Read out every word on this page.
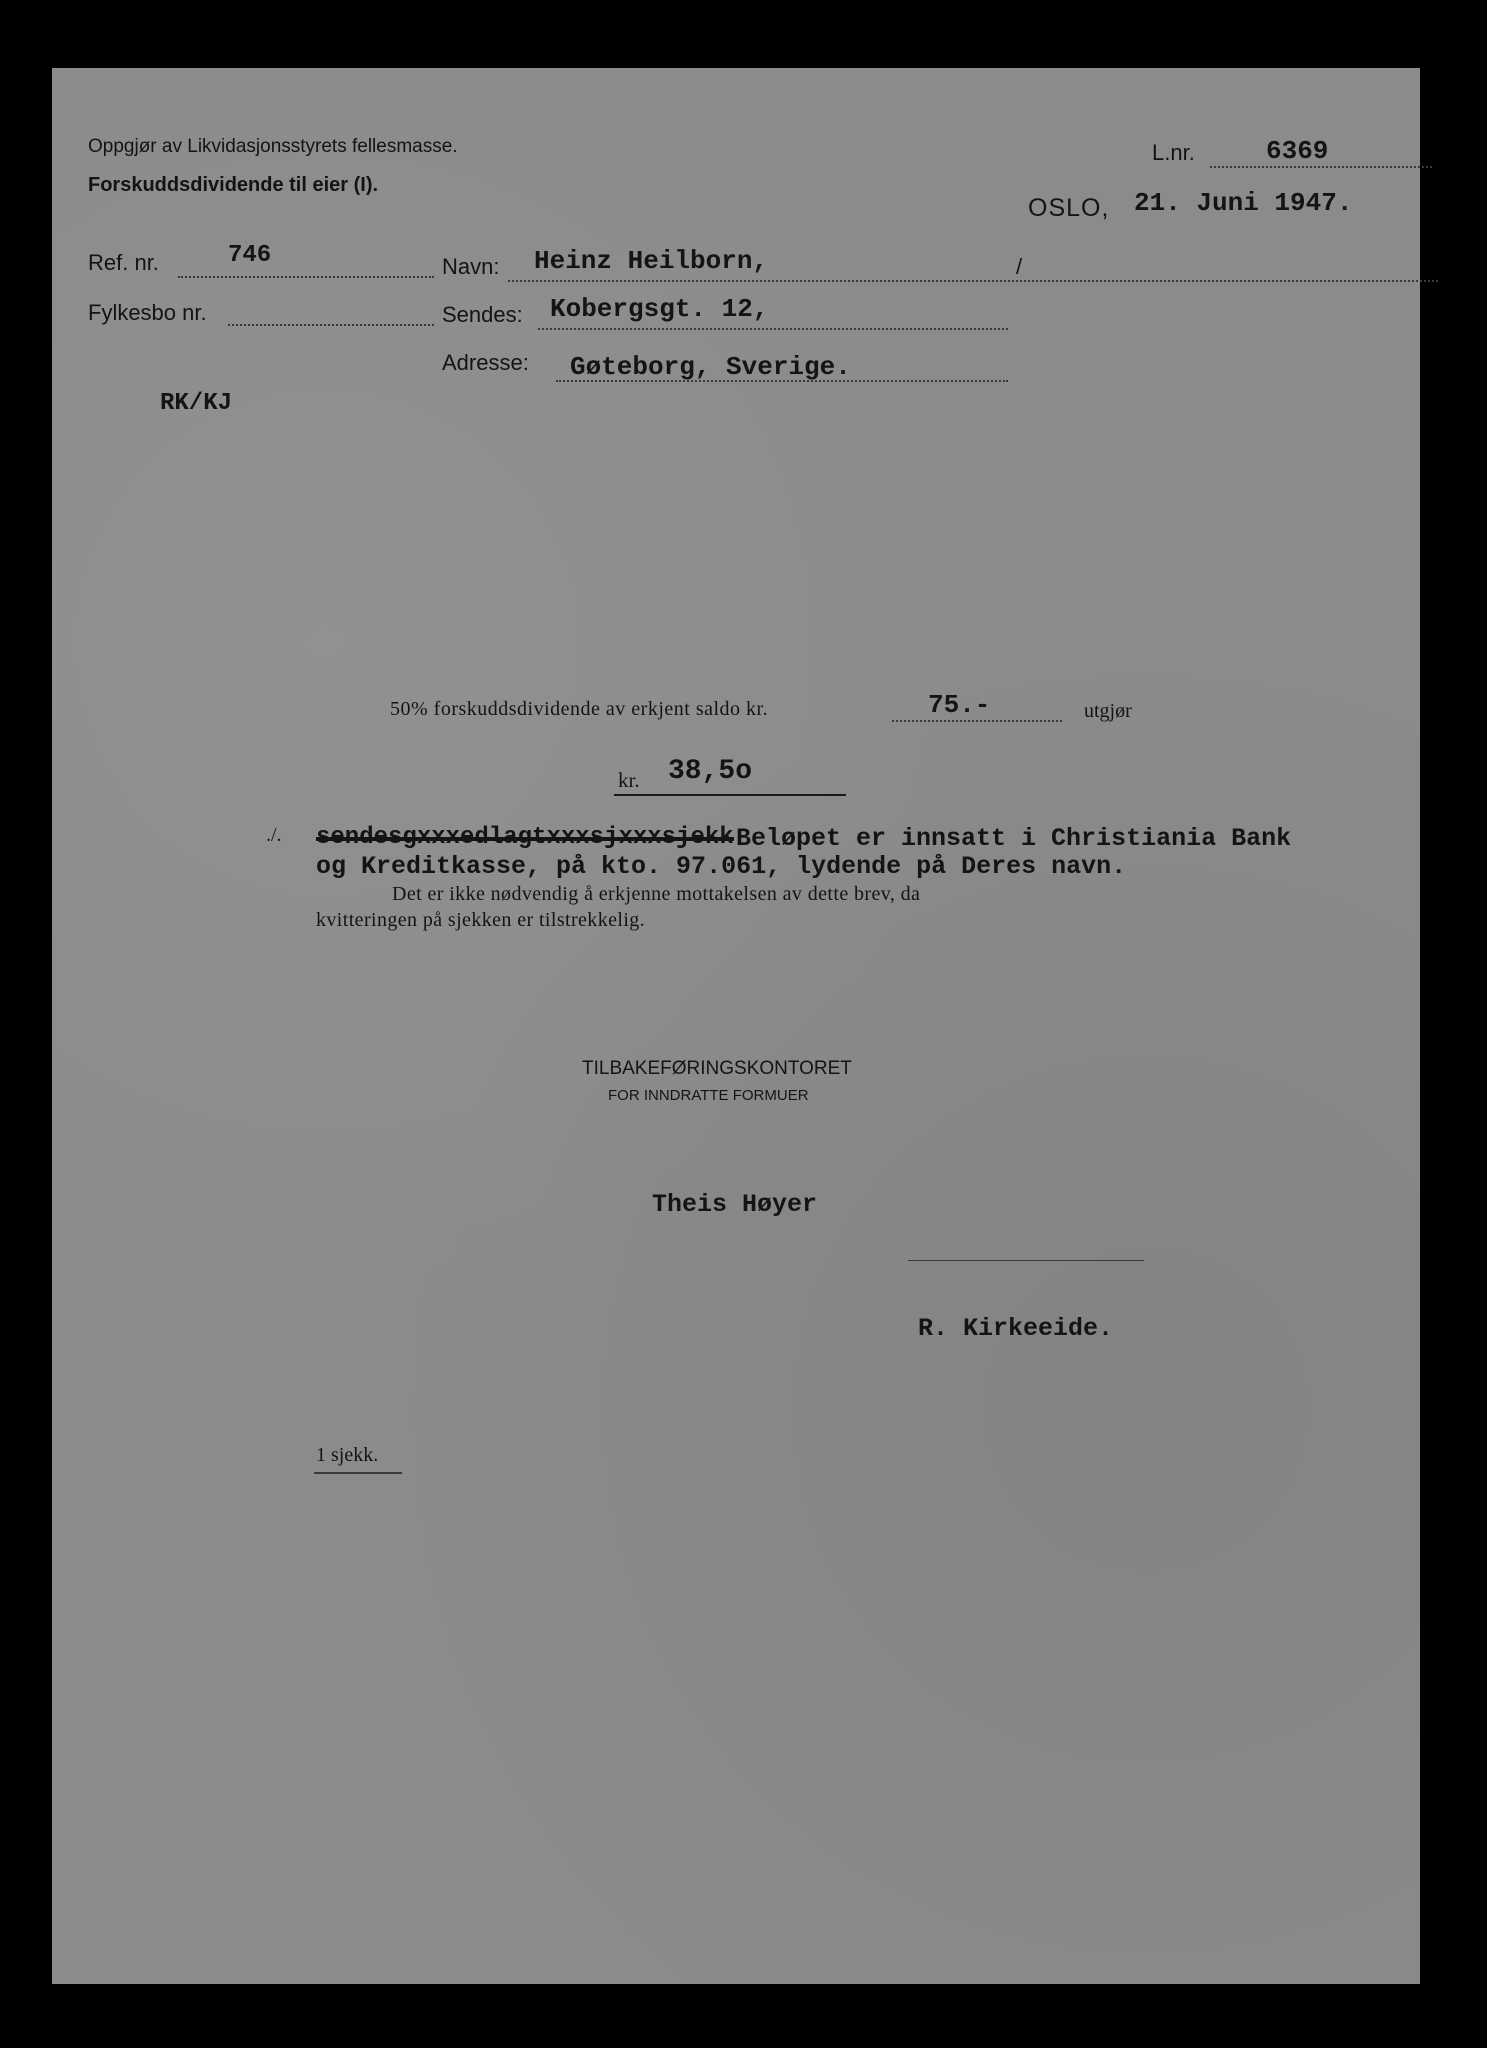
Oppgjør av Likvidasjonsstyrets fellesmasse.
Forskuddsdividende til eier (I).
L.nr.	6369
OSLO, 21. Juni 1947.
Ref. nr.	746
Fylkesbo nr.
RK/KJ
Navn: Heinz Heilborn,	/
Sendes: Kobergsgt. 12,
Adresse: Gøteborg, Sverige.
50% forskuddsdividende av erkjent saldo kr.	75.-	utgjør
kr. 38,5o
./. sendesgxxxedlagtxxxsjxxxsjekk Beløpet er innsatt i Christiania Bank
og Kreditkasse, på kto. 97.061, lydende på Deres navn.
Det er ikke nødvendig å erkjenne mottakelsen av dette brev, da
kvitteringen på sjekken er tilstrekkelig.
TILBAKEFØRINGSKONTORET
FOR INNDRATTE FORMUER
Theis Høyer
R. Kirkeeide.
1 sjekk.
